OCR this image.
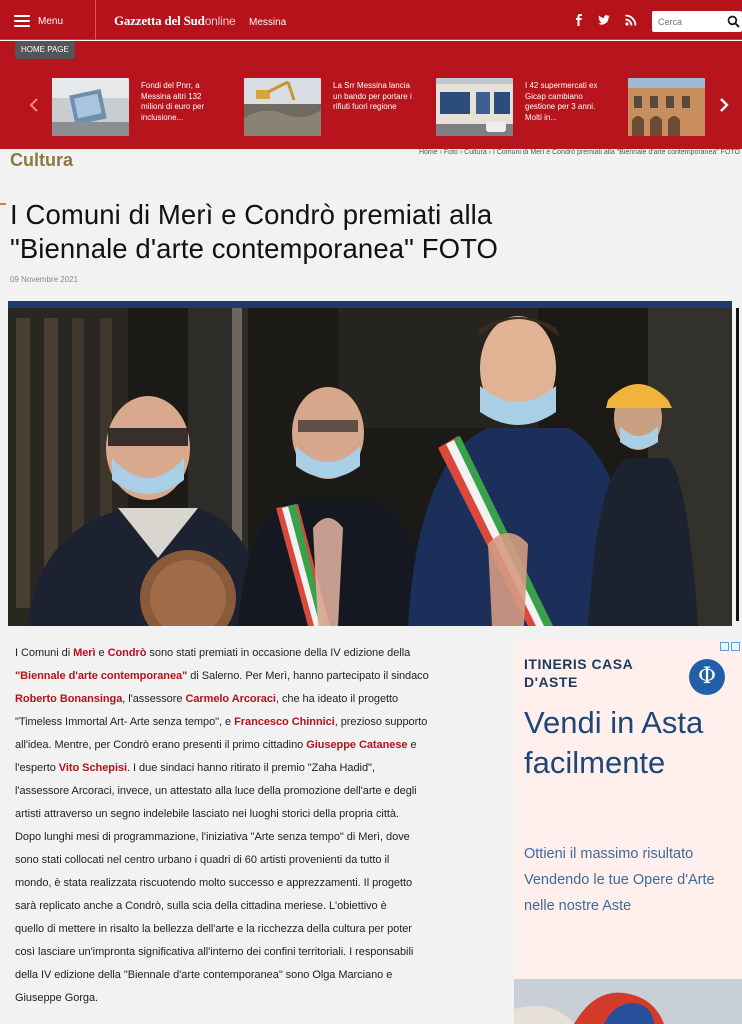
Menu	Gazzetta del Sudonline Messina
Cerca
HOME PAGE
Fondi del Pnrr, a Messina altri 132 milioni di euro per inclusione...
La Srr Messina lancia un bando per portare i rifiuti fuori regione
I 42 supermercati ex Gicap cambiano gestione per 3 anni. Molti in...
Cultura	Home › Foto › Cultura › I Comuni di Merì e Condrò premiati alla "Biennale d'arte contemporanea" FOTO
I Comuni di Merì e Condrò premiati alla
"Biennale d'arte contemporanea" FOTO
09 Novembre 2021
I Comuni di Merì e Condrò sono stati premiati in occasione della IV edizione della
"Biennale d'arte contemporanea" di Salerno. Per Merì, hanno partecipato il sindaco
Roberto Bonansinga, l'assessore Carmelo Arcoraci, che ha ideato il progetto
"Timeless Immortal Art- Arte senza tempo", e Francesco Chinnici, prezioso supporto
all'idea. Mentre, per Condrò erano presenti il primo cittadino Giuseppe Catanese e
l'esperto Vito Schepisi. I due sindaci hanno ritirato il premio "Zaha Hadid",
l'assessore Arcoraci, invece, un attestato alla luce della promozione dell'arte e degli
artisti attraverso un segno indelebile lasciato nei luoghi storici della propria città.
Dopo lunghi mesi di programmazione, l'iniziativa "Arte senza tempo" di Merì, dove
sono stati collocati nel centro urbano i quadri di 60 artisti provenienti da tutto il
mondo, è stata realizzata riscuotendo molto successo e apprezzamenti. Il progetto
sarà replicato anche a Condrò, sulla scia della cittadina meriese. L'obiettivo è
quello di mettere in risalto la bellezza dell'arte e la ricchezza della cultura per poter
così lasciare un'impronta significativa all'interno dei confini territoriali. I responsabili
della IV edizione della "Biennale d'arte contemporanea" sono Olga Marciano e
Giuseppe Gorga.
ITINERIS CASA D'ASTE	Φ
Vendi in Asta facilmente
Ottieni il massimo risultato Vendendo le tue Opere d'Arte nelle nostre Aste
